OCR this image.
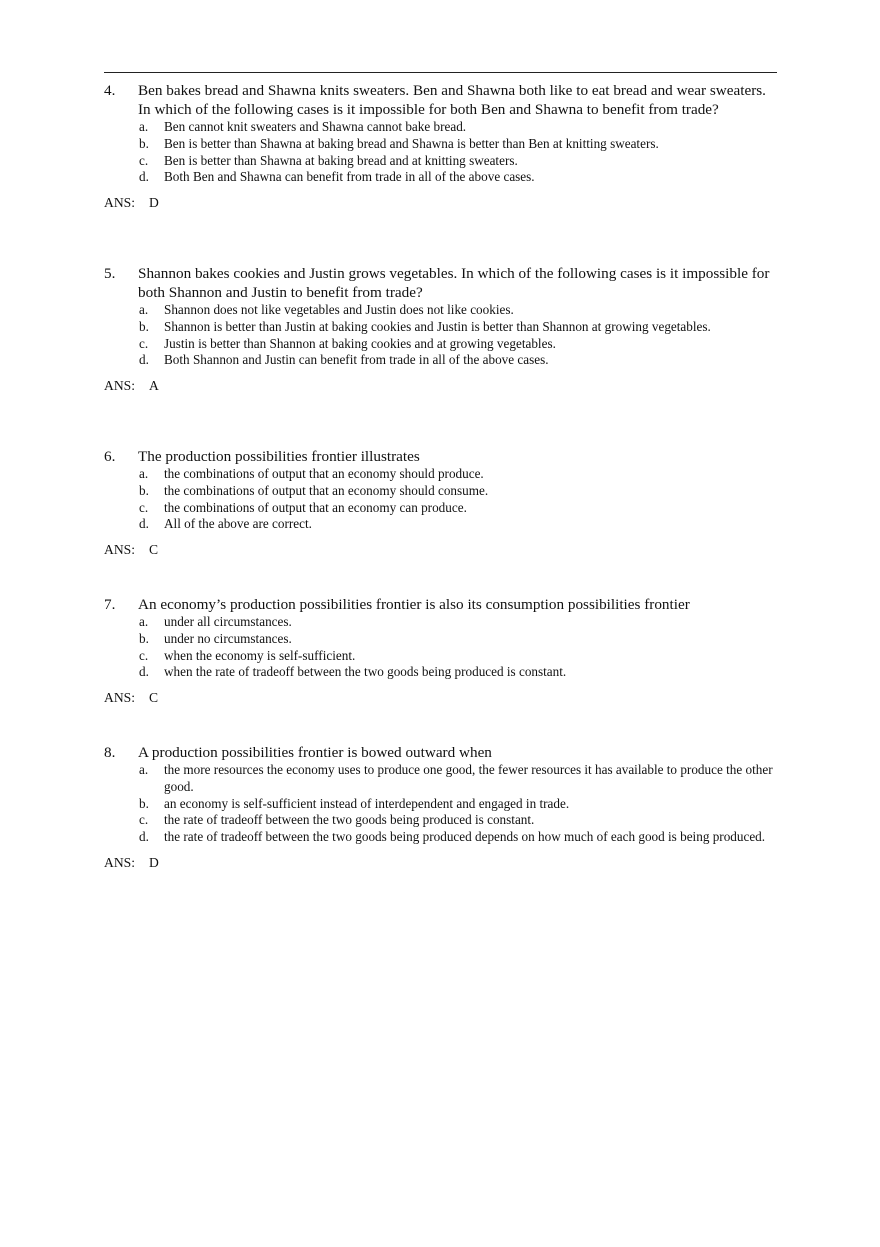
4. Ben bakes bread and Shawna knits sweaters. Ben and Shawna both like to eat bread and wear sweaters. In which of the following cases is it impossible for both Ben and Shawna to benefit from trade?
a. Ben cannot knit sweaters and Shawna cannot bake bread.
b. Ben is better than Shawna at baking bread and Shawna is better than Ben at knitting sweaters.
c. Ben is better than Shawna at baking bread and at knitting sweaters.
d. Both Ben and Shawna can benefit from trade in all of the above cases.
ANS: D
5. Shannon bakes cookies and Justin grows vegetables. In which of the following cases is it impossible for both Shannon and Justin to benefit from trade?
a. Shannon does not like vegetables and Justin does not like cookies.
b. Shannon is better than Justin at baking cookies and Justin is better than Shannon at growing vegetables.
c. Justin is better than Shannon at baking cookies and at growing vegetables.
d. Both Shannon and Justin can benefit from trade in all of the above cases.
ANS: A
6. The production possibilities frontier illustrates
a. the combinations of output that an economy should produce.
b. the combinations of output that an economy should consume.
c. the combinations of output that an economy can produce.
d. All of the above are correct.
ANS: C
7. An economy’s production possibilities frontier is also its consumption possibilities frontier
a. under all circumstances.
b. under no circumstances.
c. when the economy is self-sufficient.
d. when the rate of tradeoff between the two goods being produced is constant.
ANS: C
8. A production possibilities frontier is bowed outward when
a. the more resources the economy uses to produce one good, the fewer resources it has available to produce the other good.
b. an economy is self-sufficient instead of interdependent and engaged in trade.
c. the rate of tradeoff between the two goods being produced is constant.
d. the rate of tradeoff between the two goods being produced depends on how much of each good is being produced.
ANS: D
